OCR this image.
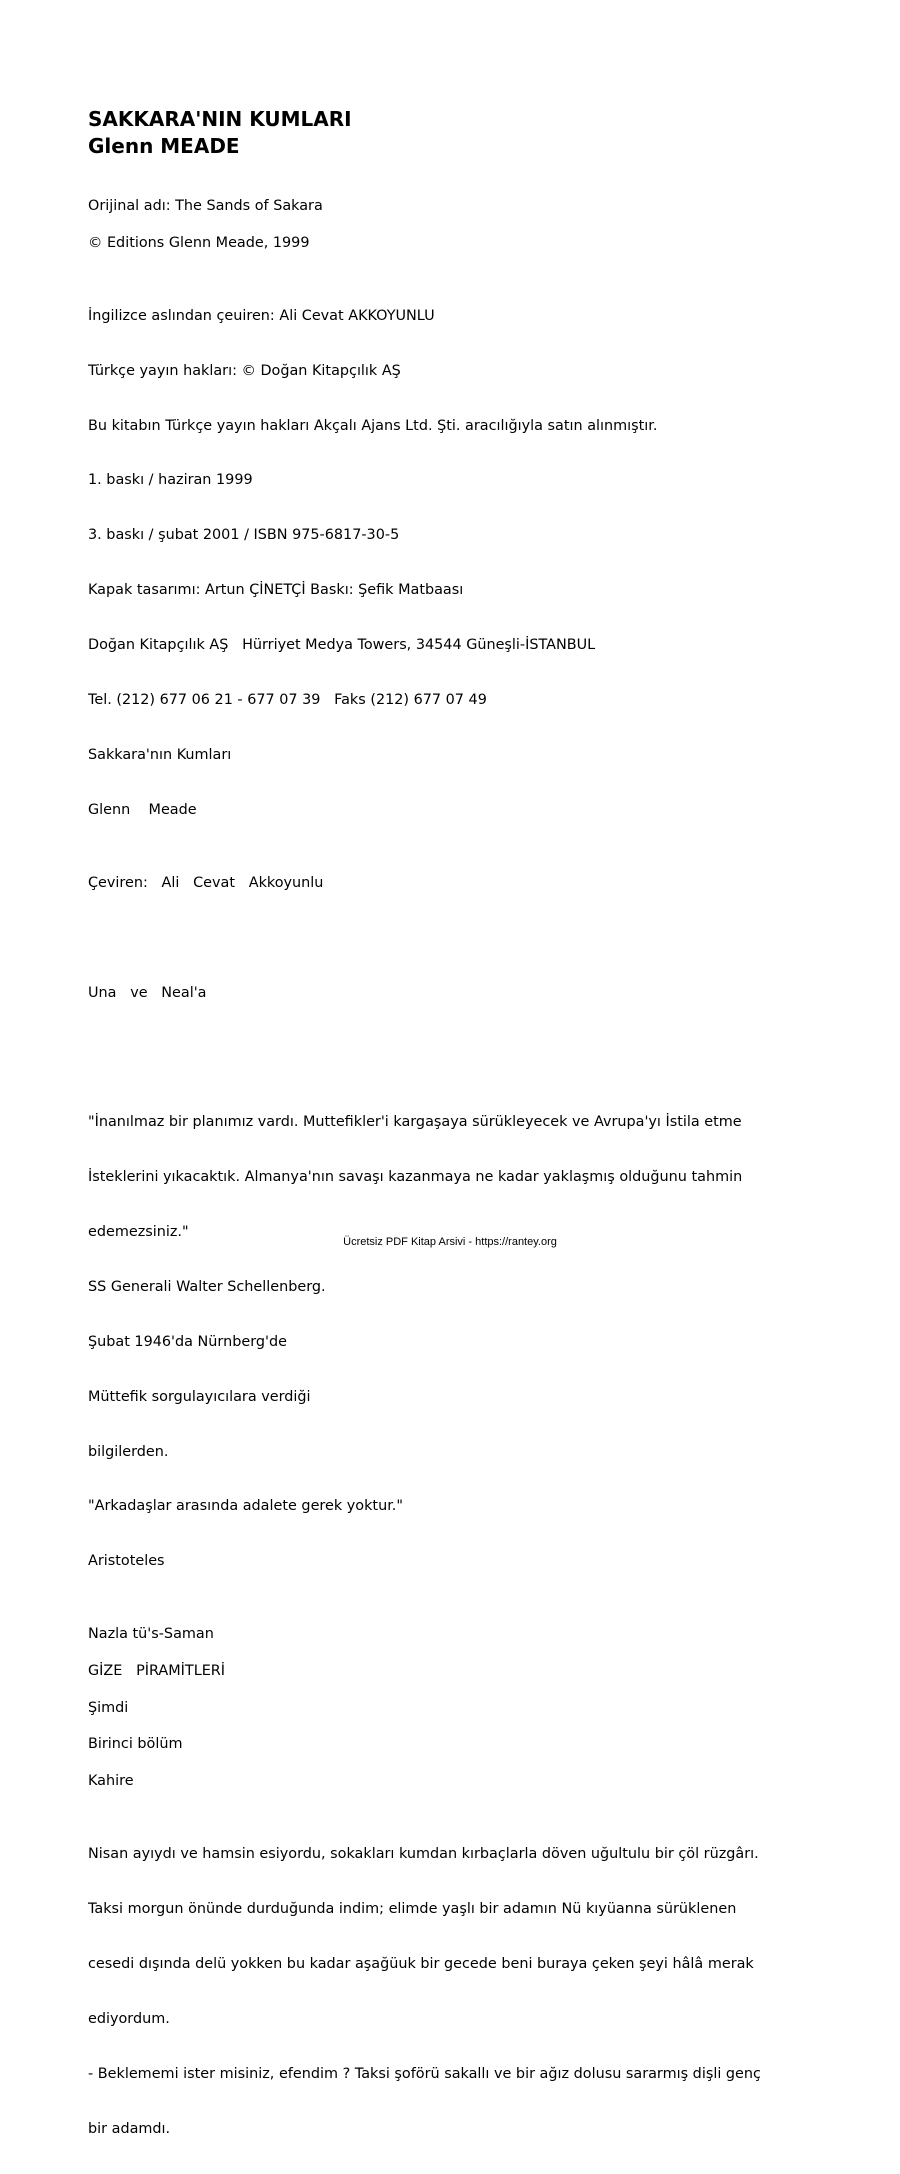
SAKKARA'NIN KUMLARI

Glenn MEADE

Orijinal adı: The Sands of Sakara
© Editions Glenn Meade, 1999

İngilizce aslından çeuiren: Ali Cevat AKKOYUNLU

Türkçe yayın hakları: © Doğan Kitapçılık AŞ

Bu kitabın Türkçe yayın hakları Akçalı Ajans Ltd. Şti. aracılığıyla satın alınmıştır.

1. baskı / haziran 1999

3. baskı / şubat 2001 / ISBN 975-6817-30-5

Kapak tasarımı: Artun ÇİNETÇİ Baskı: Şefik Matbaası

Doğan Kitapçılık AŞ   Hürriyet Medya Towers, 34544 Güneşli-İSTANBUL

Tel. (212) 677 06 21 - 677 07 39   Faks (212) 677 07 49

Sakkara'nın Kumları

Glenn    Meade

Çeviren:   Ali   Cevat   Akkoyunlu
Una   ve   Neal'a

"İnanılmaz bir planımız vardı. Muttefikler'i kargaşaya sürükleyecek ve Avrupa'yı İstila etme

İsteklerini yıkacaktık. Almanya'nın savaşı kazanmaya ne kadar yaklaşmış olduğunu tahmin

edemezsiniz."

SS Generali Walter Schellenberg.

Şubat 1946'da Nürnberg'de

Müttefik sorgulayıcılara verdiği

bilgilerden.

"Arkadaşlar arasında adalete gerek yoktur."

Aristoteles

Nazla tü's-Saman
GİZE   PİRAMİTLERİ
Şimdi
Birinci bölüm
Kahire

Nisan ayıydı ve hamsin esiyordu, sokakları kumdan kırbaçlarla döven uğultulu bir çöl rüzgârı.

Taksi morgun önünde durduğunda indim; elimde yaşlı bir adamın Nü kıyüanna sürüklenen

cesedi dışında delü yokken bu kadar aşağüuk bir gecede beni buraya çeken şeyi hâlâ merak

ediyordum.

- Beklememi ister misiniz, efendim ? Taksi şoförü sakallı ve bir ağız dolusu sararmış dişli genç

bir adamdı.

Ücretsiz PDF Kitap Arsivi - https://rantey.org
